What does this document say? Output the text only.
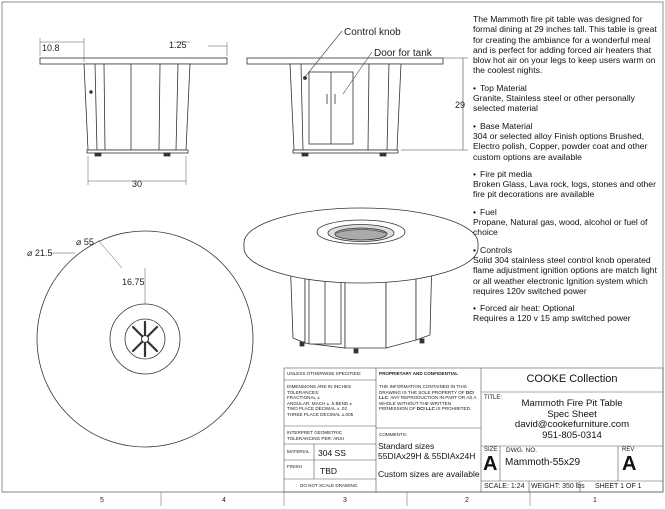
5	4	3	2	1
10.8	1.25
30
Control knob
Door for tank
29
⌀ 55
⌀ 21.5
16.75

The Mammoth fire pit table was designed for formal dining at 29 inches tall. This table is great for creating the ambiance for a wonderful meal and is perfect for adding forced air heaters that blow hot air on your legs to keep users warm on the coolest nights.

• Top Material
Granite, Stainless steel or other personally selected material
• Base Material
304 or selected alloy Finish options Brushed, Electro polish, Copper, powder coat and other custom options are available
• Fire pit media
Broken Glass, Lava rock, logs, stones and other fire pit decorations are available
• Fuel
Propane, Natural gas, wood, alcohol or fuel of choice
• Controls
Solid 304 stainless steel control knob operated flame adjustment ignition options are match light or all weather electronic Ignition system which requires 120v switched power
• Forced air heat: Optional
Requires a 120 v 15 amp switched power
UNLESS OTHERWISE SPECIFIED:
DIMENSIONS ARE IN INCHES
TOLERANCES:
FRACTIONAL ±
ANGULAR: MACH ± .5 BEND ±
TWO PLACE DECIMAL ± .02
THREE PLACE DECIMAL ±.005
INTERPRET GEOMETRIC TOLERANCING PER: ANSI
MATERIAL 304 SS
FINISH TBD
DO NOT SCALE DRAWING
PROPRIETARY AND CONFIDENTIAL
THE INFORMATION CONTAINED IN THIS DRAWING IS THE SOLE PROPERTY OF DCI LLC. ANY REPRODUCTION IN PART OR AS A WHOLE WITHOUT THE WRITTEN PERMISSION OF DCI LLC IS PROHIBITED.
COMMENTS:
Standard sizes
55DIAx29H & 55DIAx24H
Custom sizes are available
COOKE Collection
TITLE:	Mammoth Fire Pit Table
Spec Sheet
david@cookefurniture.com
951-805-0314
SIZE
A
DWG. NO.
Mammoth-55x29
REV
A
SCALE: 1:24 WEIGHT: 350 lbs SHEET 1 OF 1
